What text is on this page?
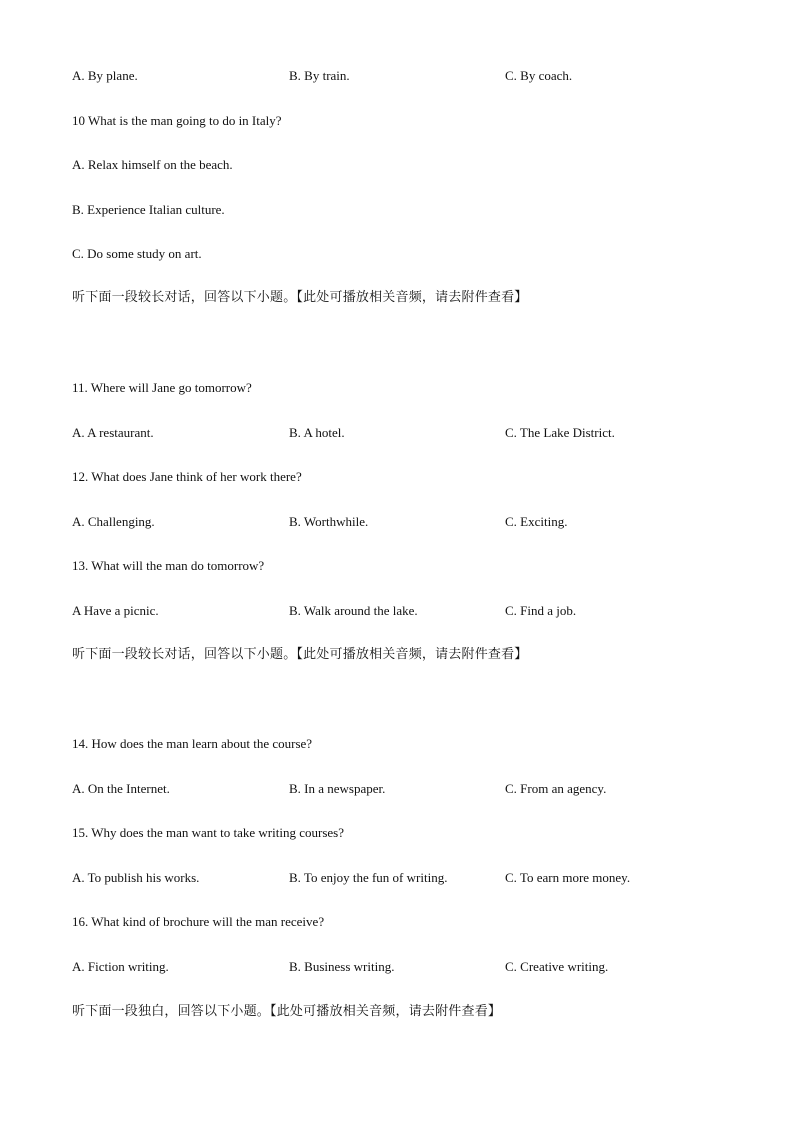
A. By plane.	B. By train.	C. By coach.
10 What is the man going to do in Italy?
A. Relax himself on the beach.
B. Experience Italian culture.
C. Do some study on art.
听下面一段较长对话，回答以下小题。【此处可播放相关音频，请去附件查看】
11. Where will Jane go tomorrow?
A. A restaurant.	B. A hotel.	C. The Lake District.
12. What does Jane think of her work there?
A. Challenging.	B. Worthwhile.	C. Exciting.
13. What will the man do tomorrow?
A Have a picnic.	B. Walk around the lake.	C. Find a job.
听下面一段较长对话，回答以下小题。【此处可播放相关音频，请去附件查看】
14. How does the man learn about the course?
A. On the Internet.	B. In a newspaper.	C. From an agency.
15. Why does the man want to take writing courses?
A. To publish his works.	B. To enjoy the fun of writing.	C. To earn more money.
16. What kind of brochure will the man receive?
A. Fiction writing.	B. Business writing.	C. Creative writing.
听下面一段独白，回答以下小题。【此处可播放相关音频，请去附件查看】
